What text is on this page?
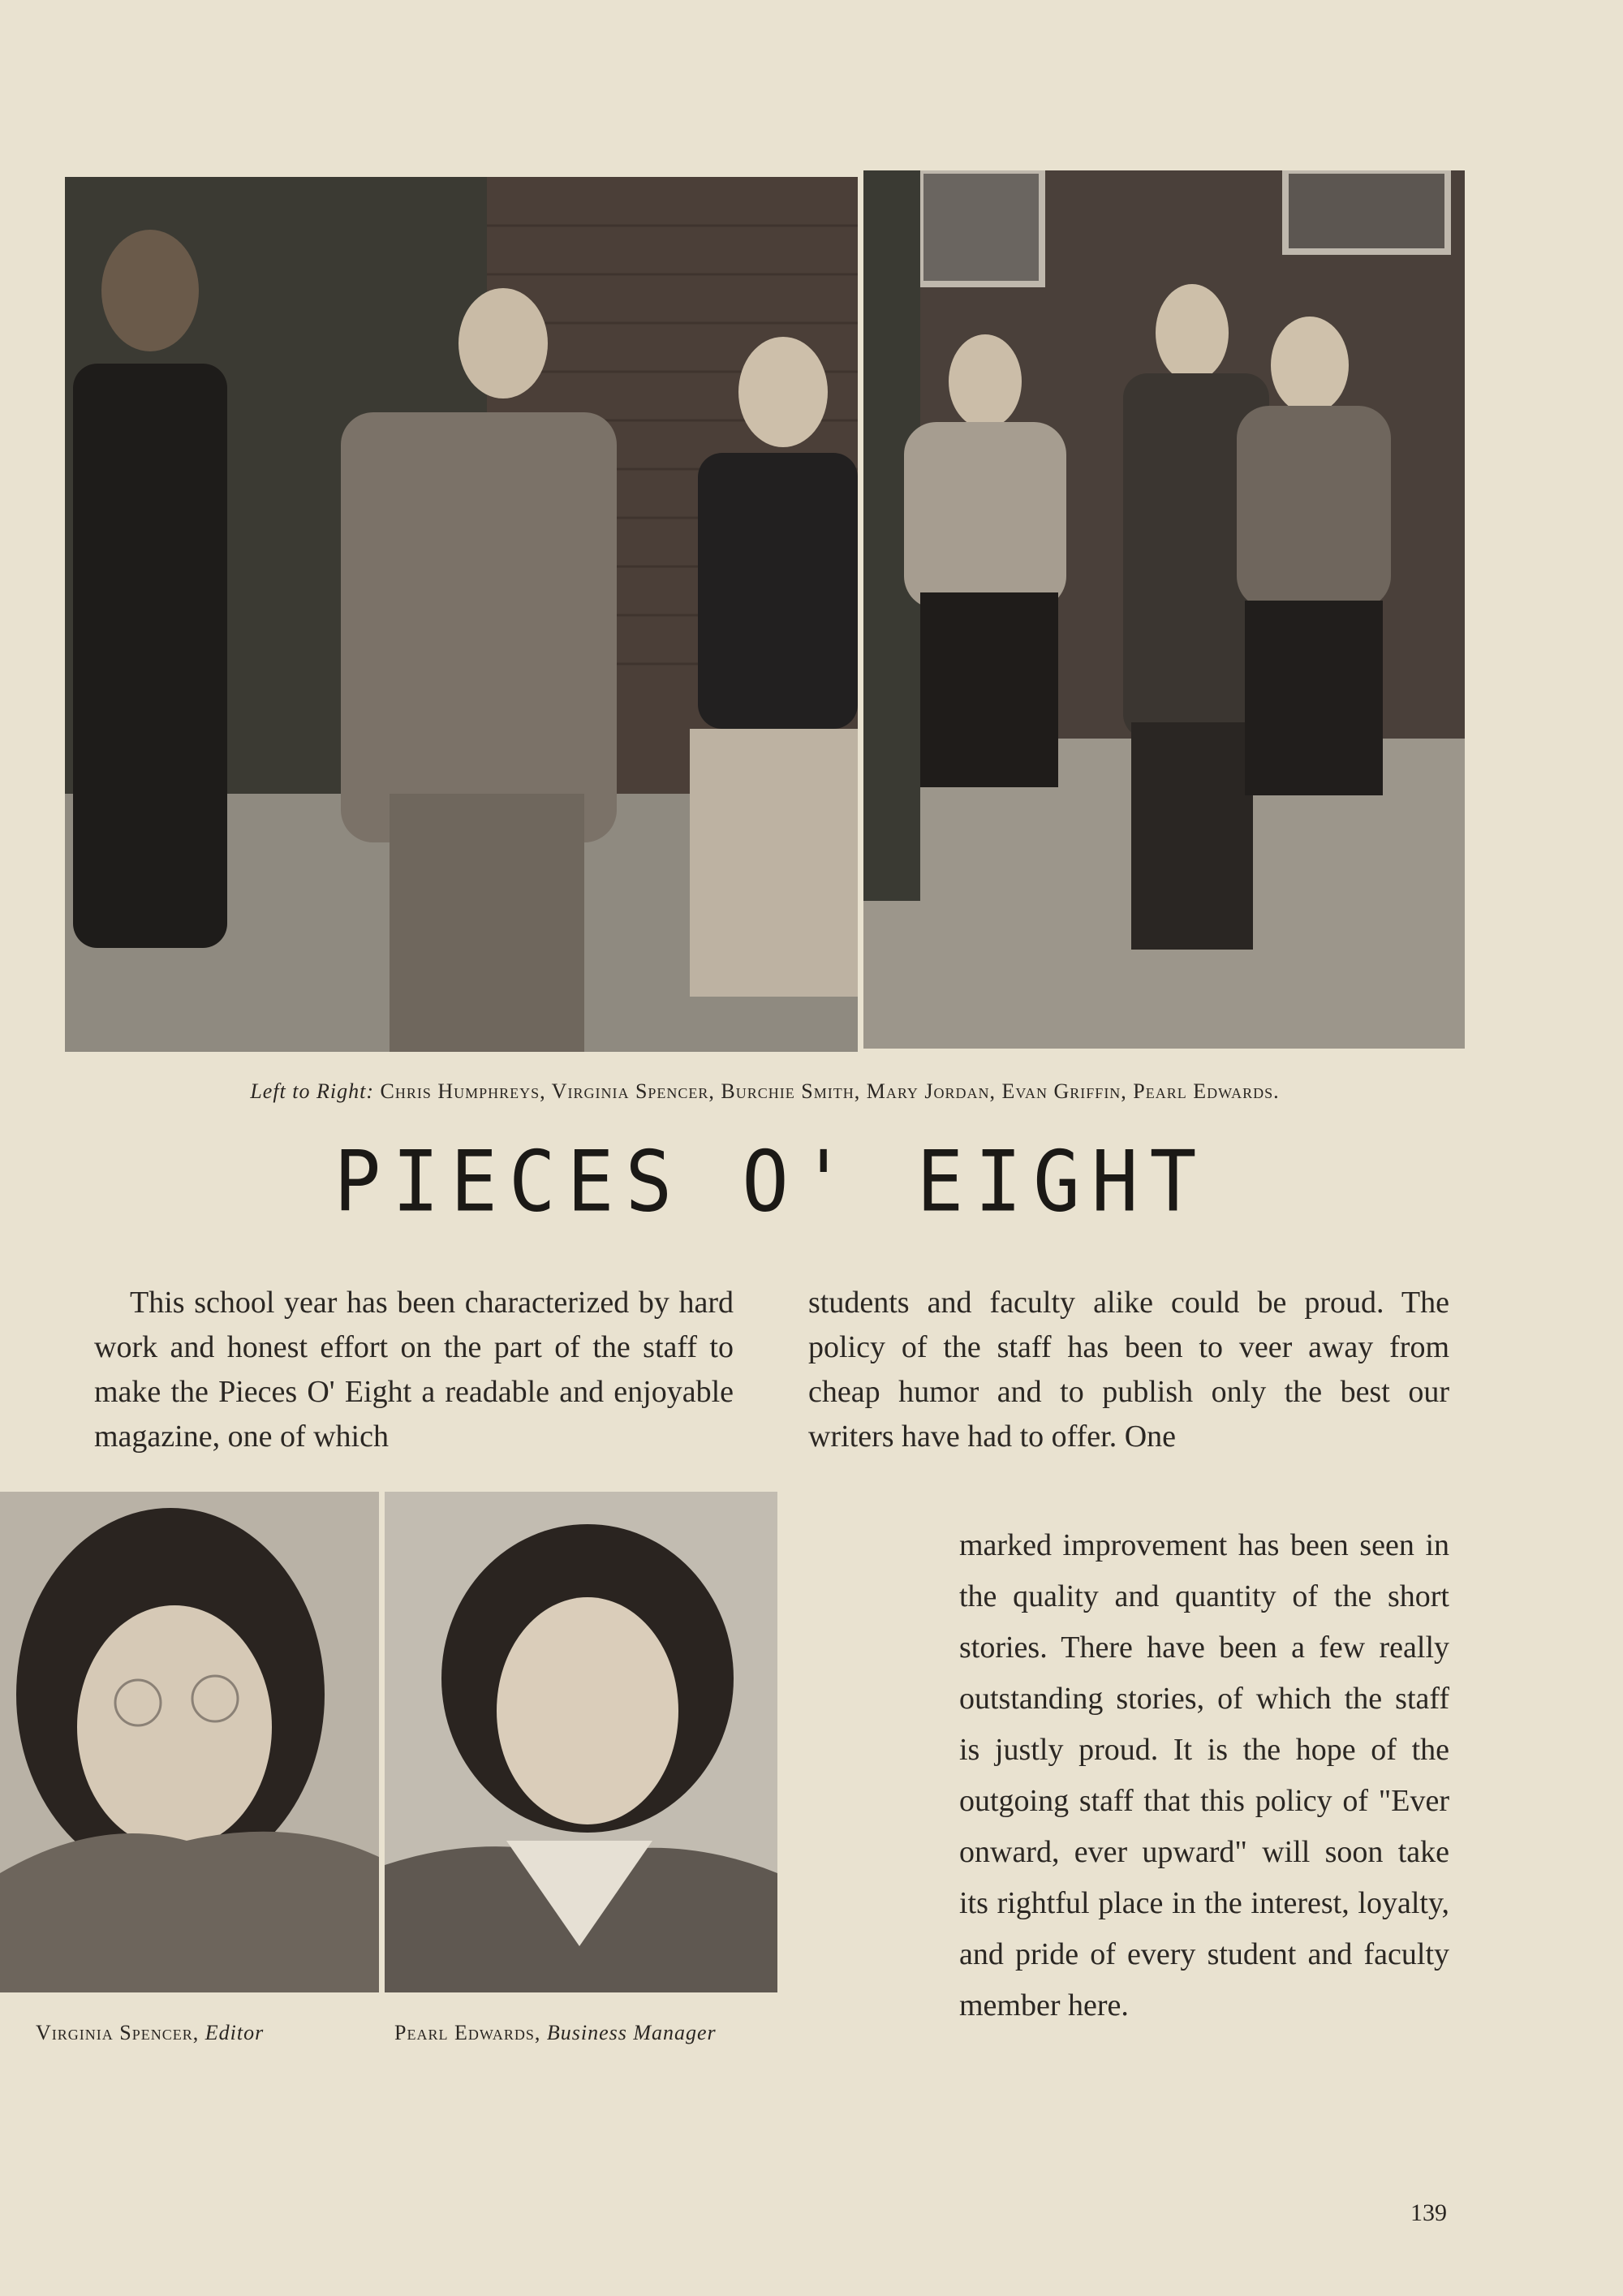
Left to Right: Chris Humphreys, Virginia Spencer, Burchie Smith, Mary Jordan, Evan Griffin, Pearl Edwards.
PIECES O' EIGHT

This school year has been characterized by hard work and honest effort on the part of the staff to make the Pieces O' Eight a readable and enjoyable magazine, one of which

students and faculty alike could be proud. The policy of the staff has been to veer away from cheap humor and to publish only the best our writers have had to offer. One

marked improvement has been seen in the quality and quantity of the short stories. There have been a few really outstanding stories, of which the staff is justly proud. It is the hope of the outgoing staff that this policy of "Ever onward, ever upward" will soon take its rightful place in the interest, loyalty, and pride of every student and faculty member here.

Virginia Spencer, Editor	Pearl Edwards, Business Manager
139
